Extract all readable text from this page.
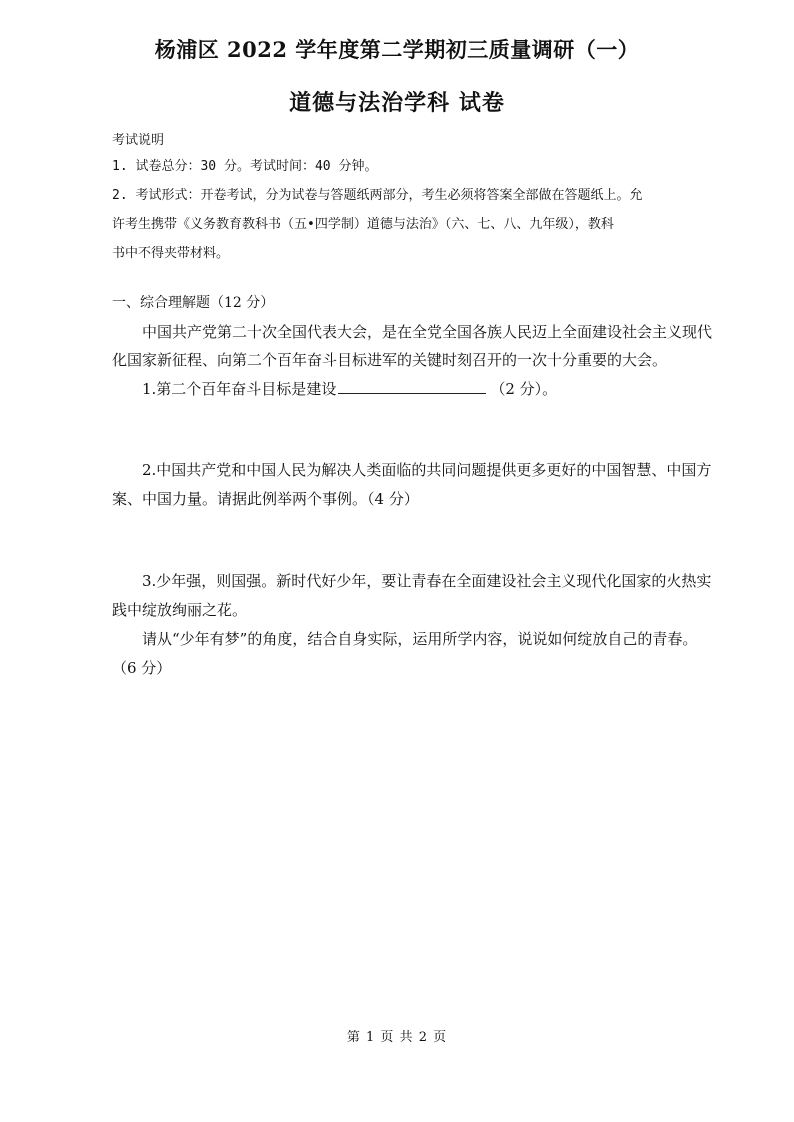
杨浦区 2022 学年度第二学期初三质量调研（一）
道德与法治学科 试卷
考试说明
1. 试卷总分：30 分。考试时间：40 分钟。
2. 考试形式：开卷考试，分为试卷与答题纸两部分，考生必须将答案全部做在答题纸上。允
许考生携带《义务教育教科书（五•四学制）道德与法治》（六、七、八、九年级），教科
书中不得夹带材料。
一、综合理解题（12 分）
中国共产党第二十次全国代表大会，是在全党全国各族人民迈上全面建设社会主义现代
化国家新征程、向第二个百年奋斗目标进军的关键时刻召开的一次十分重要的大会。
1.第二个百年奋斗目标是建设	（2 分）。
2.中国共产党和中国人民为解决人类面临的共同问题提供更多更好的中国智慧、中国方
案、中国力量。请据此例举两个事例。（4 分）
3.少年强，则国强。新时代好少年，要让青春在全面建设社会主义现代化国家的火热实
践中绽放绚丽之花。
请从“少年有梦”的角度，结合自身实际，运用所学内容，说说如何绽放自己的青春。
（6 分）
第 1 页 共 2 页
